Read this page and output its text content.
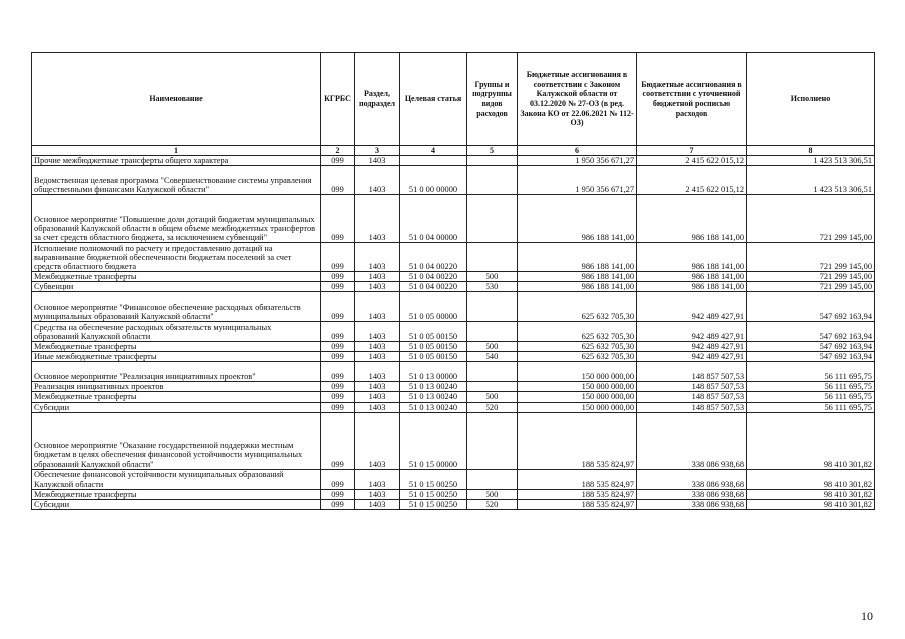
Наименование	КГРБС	Раздел, подраздел	Целевая статья	Группы и подгруппы видов расходов	Бюджетные ассигнования в соответствии с Законом Калужской области от 03.12.2020 № 27-ОЗ (в ред. Закона КО от 22.06.2021 № 112-ОЗ)	Бюджетные ассигнования в соответствии с уточненной бюджетной росписью расходов	Исполнено
1	2	3	4	5	6	7	8
Прочие межбюджетные трансферты общего характера	099	1403			1 950 356 671,27	2 415 622 015,12	1 423 513 306,51
Ведомственная целевая программа "Совершенствование системы управления общественными финансами Калужской области"	099	1403	51 0 00 00000		1 950 356 671,27	2 415 622 015,12	1 423 513 306,51
Основное мероприятие "Повышение доли дотаций бюджетам муниципальных образований Калужской области в общем объеме межбюджетных трансфертов за счет средств областного бюджета, за исключением субвенций"	099	1403	51 0 04 00000		986 188 141,00	986 188 141,00	721 299 145,00
Исполнение полномочий по расчету и предоставлению дотаций на выравнивание бюджетной обеспеченности бюджетам поселений за счет средств областного бюджета	099	1403	51 0 04 00220		986 188 141,00	986 188 141,00	721 299 145,00
Межбюджетные трансферты	099	1403	51 0 04 00220	500	986 188 141,00	986 188 141,00	721 299 145,00
Субвенции	099	1403	51 0 04 00220	530	986 188 141,00	986 188 141,00	721 299 145,00
Основное мероприятие "Финансовое обеспечение расходных обязательств муниципальных образований Калужской области"	099	1403	51 0 05 00000		625 632 705,30	942 489 427,91	547 692 163,94
Средства на обеспечение расходных обязательств муниципальных образований Калужской области	099	1403	51 0 05 00150		625 632 705,30	942 489 427,91	547 692 163,94
Межбюджетные трансферты	099	1403	51 0 05 00150	500	625 632 705,30	942 489 427,91	547 692 163,94
Иные межбюджетные трансферты	099	1403	51 0 05 00150	540	625 632 705,30	942 489 427,91	547 692 163,94
Основное мероприятие "Реализация инициативных проектов"	099	1403	51 0 13 00000		150 000 000,00	148 857 507,53	56 111 695,75
Реализация инициативных проектов	099	1403	51 0 13 00240		150 000 000,00	148 857 507,53	56 111 695,75
Межбюджетные трансферты	099	1403	51 0 13 00240	500	150 000 000,00	148 857 507,53	56 111 695,75
Субсидии	099	1403	51 0 13 00240	520	150 000 000,00	148 857 507,53	56 111 695,75
Основное мероприятие "Оказание государственной поддержки местным бюджетам в целях обеспечения финансовой устойчивости муниципальных образований Калужской области"	099	1403	51 0 15 00000		188 535 824,97	338 086 938,68	98 410 301,82
Обеспечение финансовой устойчивости муниципальных образований Калужской области	099	1403	51 0 15 00250		188 535 824,97	338 086 938,68	98 410 301,82
Межбюджетные трансферты	099	1403	51 0 15 00250	500	188 535 824,97	338 086 938,68	98 410 301,82
Субсидии	099	1403	51 0 15 00250	520	188 535 824,97	338 086 938,68	98 410 301,82
10
